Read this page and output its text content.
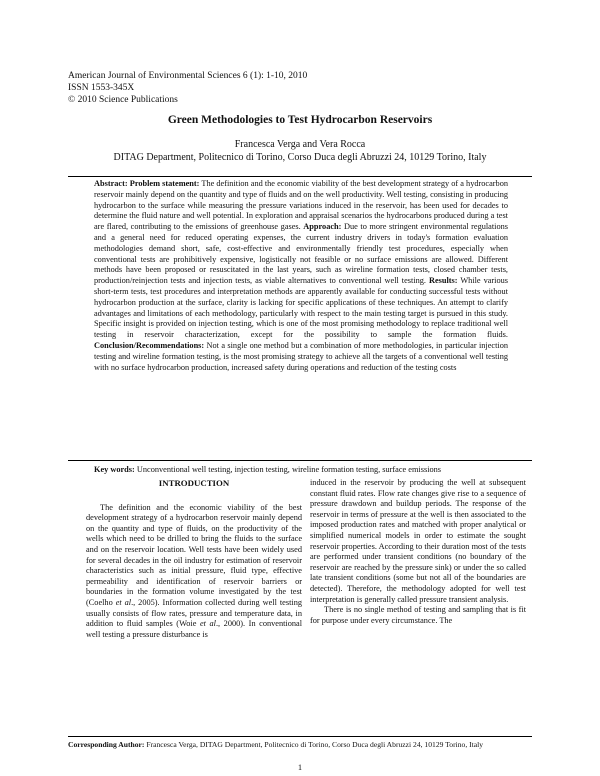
American Journal of Environmental Sciences 6 (1): 1-10, 2010
ISSN 1553-345X
© 2010 Science Publications
Green Methodologies to Test Hydrocarbon Reservoirs
Francesca Verga and Vera Rocca
DITAG Department, Politecnico di Torino, Corso Duca degli Abruzzi 24, 10129 Torino, Italy
Abstract: Problem statement: The definition and the economic viability of the best development strategy of a hydrocarbon reservoir mainly depend on the quantity and type of fluids and on the well productivity. Well testing, consisting in producing hydrocarbon to the surface while measuring the pressure variations induced in the reservoir, has been used for decades to determine the fluid nature and well potential. In exploration and appraisal scenarios the hydrocarbons produced during a test are flared, contributing to the emissions of greenhouse gases. Approach: Due to more stringent environmental regulations and a general need for reduced operating expenses, the current industry drivers in today's formation evaluation methodologies demand short, safe, cost-effective and environmentally friendly test procedures, especially when conventional tests are prohibitively expensive, logistically not feasible or no surface emissions are allowed. Different methods have been proposed or resuscitated in the last years, such as wireline formation tests, closed chamber tests, production/reinjection tests and injection tests, as viable alternatives to conventional well testing. Results: While various short-term tests, test procedures and interpretation methods are apparently available for conducting successful tests without hydrocarbon production at the surface, clarity is lacking for specific applications of these techniques. An attempt to clarify advantages and limitations of each methodology, particularly with respect to the main testing target is pursued in this study. Specific insight is provided on injection testing, which is one of the most promising methodology to replace traditional well testing in reservoir characterization, except for the possibility to sample the formation fluids. Conclusion/Recommendations: Not a single one method but a combination of more methodologies, in particular injection testing and wireline formation testing, is the most promising strategy to achieve all the targets of a conventional well testing with no surface hydrocarbon production, increased safety during operations and reduction of the testing costs
Key words: Unconventional well testing, injection testing, wireline formation testing, surface emissions
INTRODUCTION

The definition and the economic viability of the best development strategy of a hydrocarbon reservoir mainly depend on the quantity and type of fluids, on the productivity of the wells which need to be drilled to bring the fluids to the surface and on the reservoir location. Well tests have been widely used for several decades in the oil industry for estimation of reservoir characteristics such as initial pressure, fluid type, effective permeability and identification of reservoir barriers or boundaries in the formation volume investigated by the test (Coelho et al., 2005). Information collected during well testing usually consists of flow rates, pressure and temperature data, in addition to fluid samples (Woie et al., 2000). In conventional well testing a pressure disturbance is

induced in the reservoir by producing the well at subsequent constant fluid rates. Flow rate changes give rise to a sequence of pressure drawdown and buildup periods. The response of the reservoir in terms of pressure at the well is then associated to the imposed production rates and matched with proper analytical or simplified numerical models in order to estimate the sought reservoir properties. According to their duration most of the tests are performed under transient conditions (no boundary of the reservoir are reached by the pressure sink) or under the so called late transient conditions (some but not all of the boundaries are detected). Therefore, the methodology adopted for well test interpretation is generally called pressure transient analysis.

There is no single method of testing and sampling that is fit for purpose under every circumstance. The

Corresponding Author: Francesca Verga, DITAG Department, Politecnico di Torino, Corso Duca degli Abruzzi 24, 10129 Torino, Italy
1
